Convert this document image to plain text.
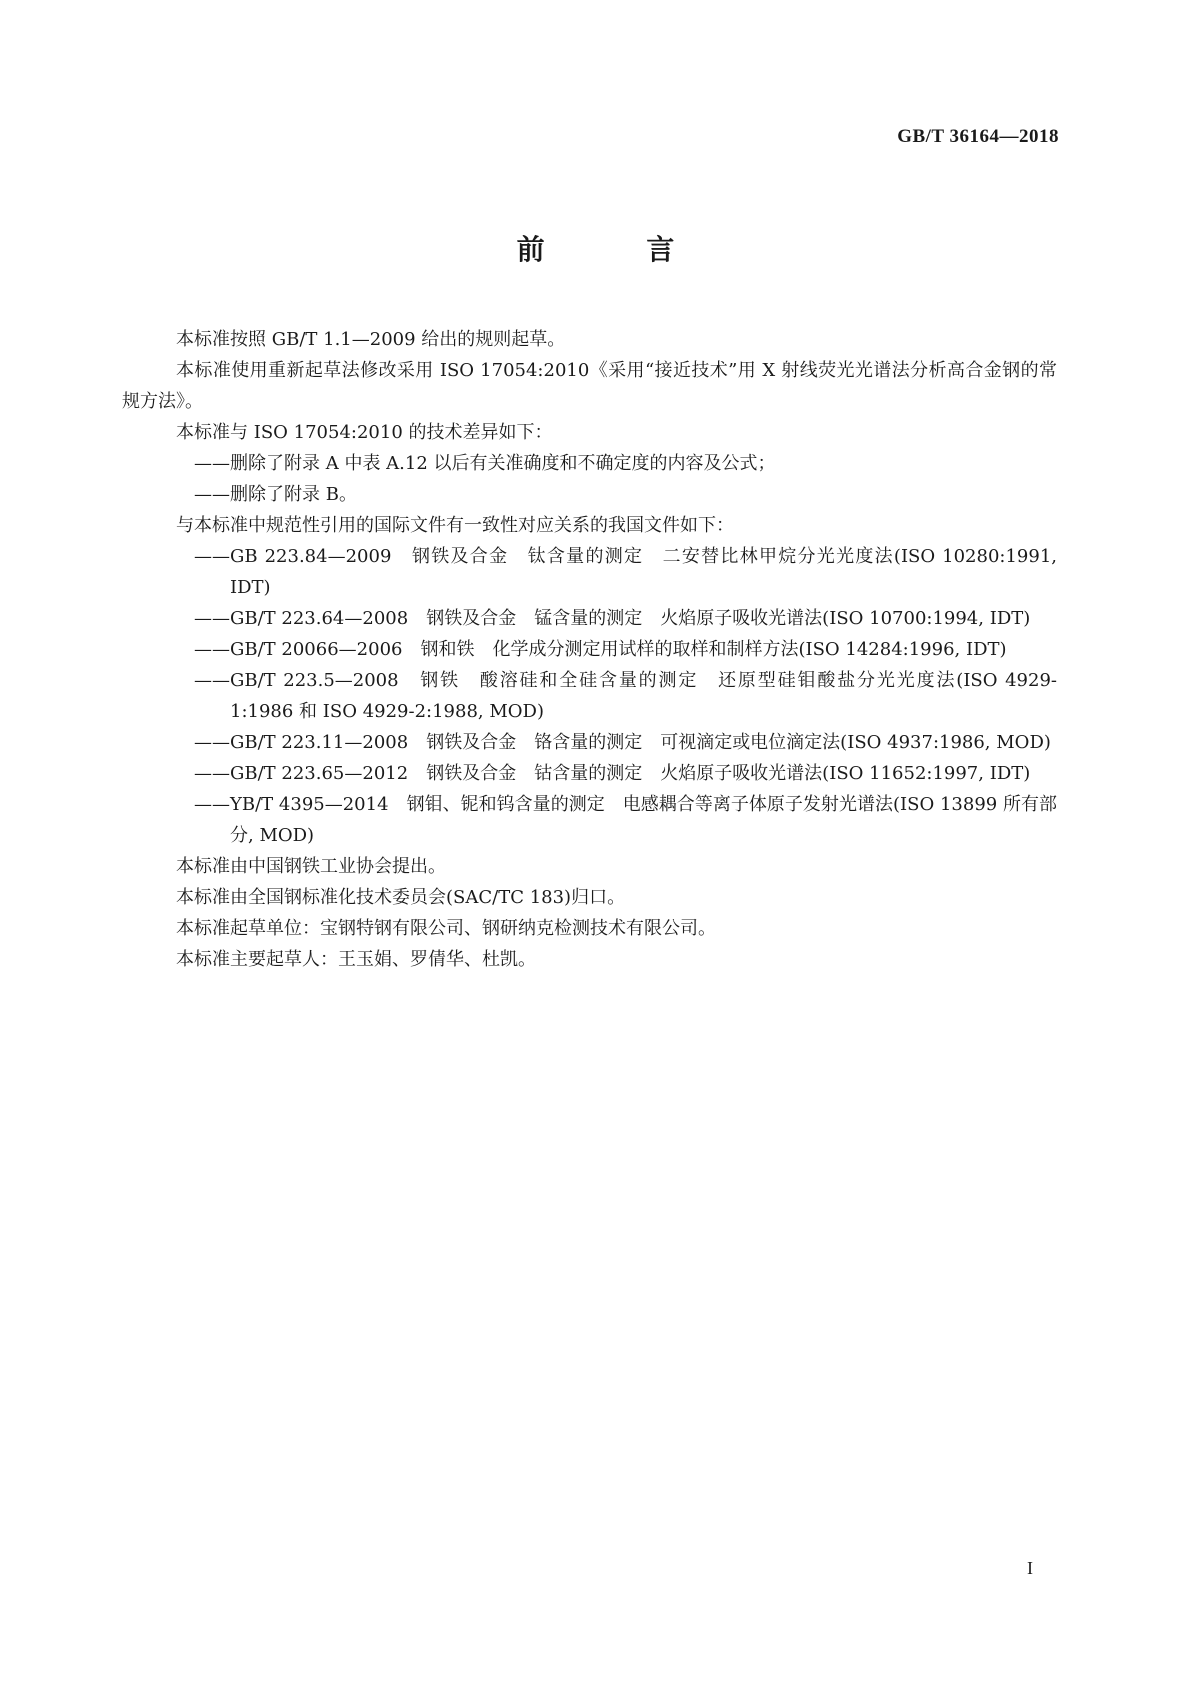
GB/T 36164—2018
前 言

本标准按照 GB/T 1.1—2009 给出的规则起草。

本标准使用重新起草法修改采用 ISO 17054:2010《采用“接近技术”用 X 射线荧光光谱法分析高合金钢的常规方法》。

本标准与 ISO 17054:2010 的技术差异如下：

——删除了附录 A 中表 A.12 以后有关准确度和不确定度的内容及公式；

——删除了附录 B。

与本标准中规范性引用的国际文件有一致性对应关系的我国文件如下：

——GB 223.84—2009　钢铁及合金　钛含量的测定　二安替比林甲烷分光光度法(ISO 10280:1991, IDT)

——GB/T 223.64—2008　钢铁及合金　锰含量的测定　火焰原子吸收光谱法(ISO 10700:1994, IDT)

——GB/T 20066—2006　钢和铁　化学成分测定用试样的取样和制样方法(ISO 14284:1996, IDT)

——GB/T 223.5—2008　钢铁　酸溶硅和全硅含量的测定　还原型硅钼酸盐分光光度法(ISO 4929-1:1986 和 ISO 4929-2:1988, MOD)

——GB/T 223.11—2008　钢铁及合金　铬含量的测定　可视滴定或电位滴定法(ISO 4937:1986, MOD)

——GB/T 223.65—2012　钢铁及合金　钴含量的测定　火焰原子吸收光谱法(ISO 11652:1997, IDT)

——YB/T 4395—2014　钢钼、铌和钨含量的测定　电感耦合等离子体原子发射光谱法(ISO 13899 所有部分, MOD)

本标准由中国钢铁工业协会提出。

本标准由全国钢标准化技术委员会(SAC/TC 183)归口。

本标准起草单位：宝钢特钢有限公司、钢研纳克检测技术有限公司。

本标准主要起草人：王玉娟、罗倩华、杜凯。

I
